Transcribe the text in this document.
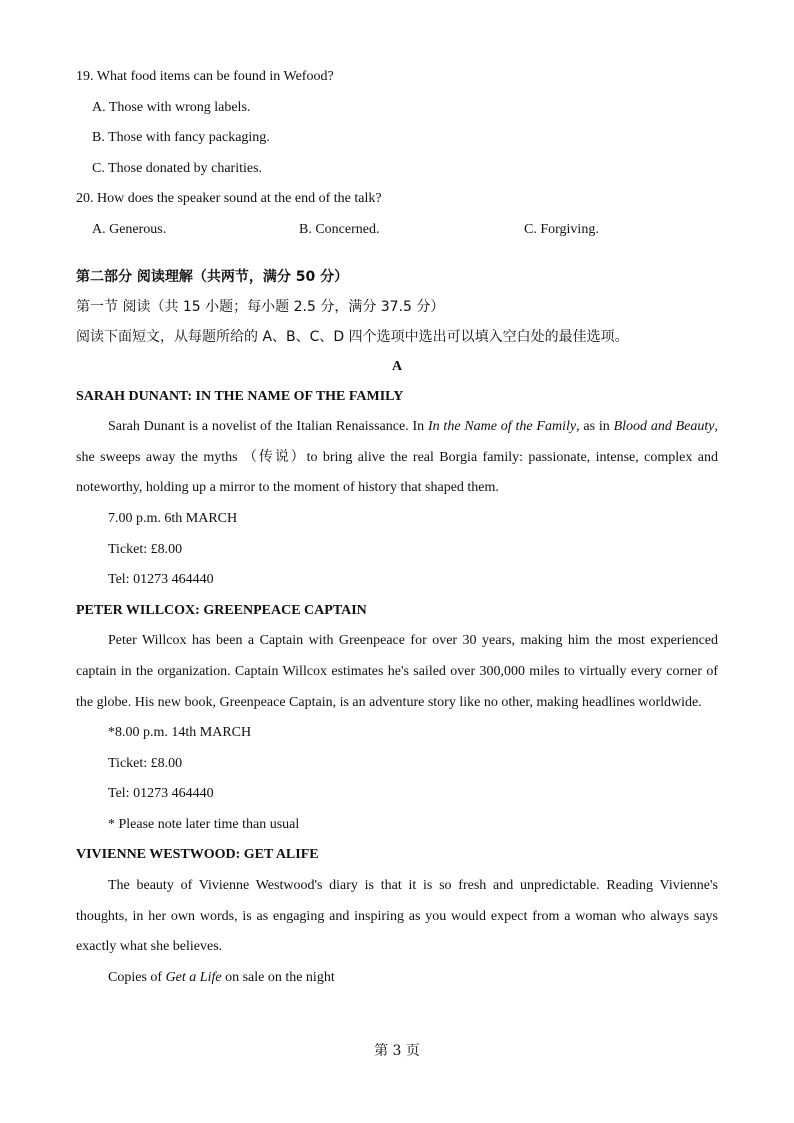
19. What food items can be found in Wefood?
A. Those with wrong labels.
B. Those with fancy packaging.
C. Those donated by charities.
20. How does the speaker sound at the end of the talk?
A. Generous.	B. Concerned.	C. Forgiving.
第二部分 阅读理解（共两节，满分 50 分）
第一节 阅读（共 15 小题；每小题 2.5 分，满分 37.5 分）
阅读下面短文，从每题所给的 A、B、C、D 四个选项中选出可以填入空白处的最佳选项。
A
SARAH DUNANT: IN THE NAME OF THE FAMILY
Sarah Dunant is a novelist of the Italian Renaissance. In In the Name of the Family, as in Blood and Beauty, she sweeps away the myths （传说）to bring alive the real Borgia family: passionate, intense, complex and noteworthy, holding up a mirror to the moment of history that shaped them.
7.00 p.m. 6th MARCH
Ticket: £8.00
Tel: 01273 464440
PETER WILLCOX: GREENPEACE CAPTAIN
Peter Willcox has been a Captain with Greenpeace for over 30 years, making him the most experienced captain in the organization. Captain Willcox estimates he's sailed over 300,000 miles to virtually every corner of the globe. His new book, Greenpeace Captain, is an adventure story like no other, making headlines worldwide.
*8.00 p.m. 14th MARCH
Ticket: £8.00
Tel: 01273 464440
* Please note later time than usual
VIVIENNE WESTWOOD: GET ALIFE
The beauty of Vivienne Westwood's diary is that it is so fresh and unpredictable. Reading Vivienne's thoughts, in her own words, is as engaging and inspiring as you would expect from a woman who always says exactly what she believes.
Copies of Get a Life on sale on the night
第 3 页
